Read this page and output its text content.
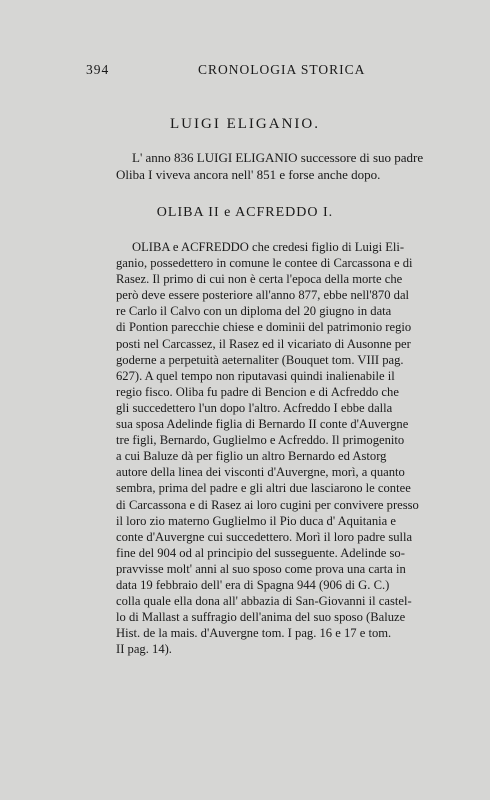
394	CRONOLOGIA STORICA
LUIGI ELIGANIO.
L' anno 836 LUIGI ELIGANIO successore di suo padre
Oliba I viveva ancora nell' 851 e forse anche dopo.
OLIBA II e ACFREDDO I.
OLIBA e ACFREDDO che credesi figlio di Luigi Eli-
ganio, possedettero in comune le contee di Carcassona e di
Rasez. Il primo di cui non è certa l'epoca della morte che
però deve essere posteriore all'anno 877, ebbe nell'870 dal
re Carlo il Calvo con un diploma del 20 giugno in data
di Pontion parecchie chiese e dominii del patrimonio regio
posti nel Carcassez, il Rasez ed il vicariato di Ausonne per
goderne a perpetuità aeternaliter (Bouquet tom. VIII pag.
627). A quel tempo non riputavasi quindi inalienabile il
regio fisco. Oliba fu padre di Bencion e di Acfreddo che
gli succedettero l'un dopo l'altro. Acfreddo I ebbe dalla
sua sposa Adelinde figlia di Bernardo II conte d'Auvergne
tre figli, Bernardo, Guglielmo e Acfreddo. Il primogenito
a cui Baluze dà per figlio un altro Bernardo ed Astorg
autore della linea dei visconti d'Auvergne, morì, a quanto
sembra, prima del padre e gli altri due lasciarono le contee
di Carcassona e di Rasez ai loro cugini per convivere presso
il loro zio materno Guglielmo il Pio duca d' Aquitania e
conte d'Auvergne cui succedettero. Morì il loro padre sulla
fine del 904 od al principio del susseguente. Adelinde so-
pravvisse molt' anni al suo sposo come prova una carta in
data 19 febbraio dell' era di Spagna 944 (906 di G. C.)
colla quale ella dona all' abbazia di San-Giovanni il castel-
lo di Mallast a suffragio dell'anima del suo sposo (Baluze
Hist. de la mais. d'Auvergne tom. I pag. 16 e 17 e tom.
II pag. 14).
